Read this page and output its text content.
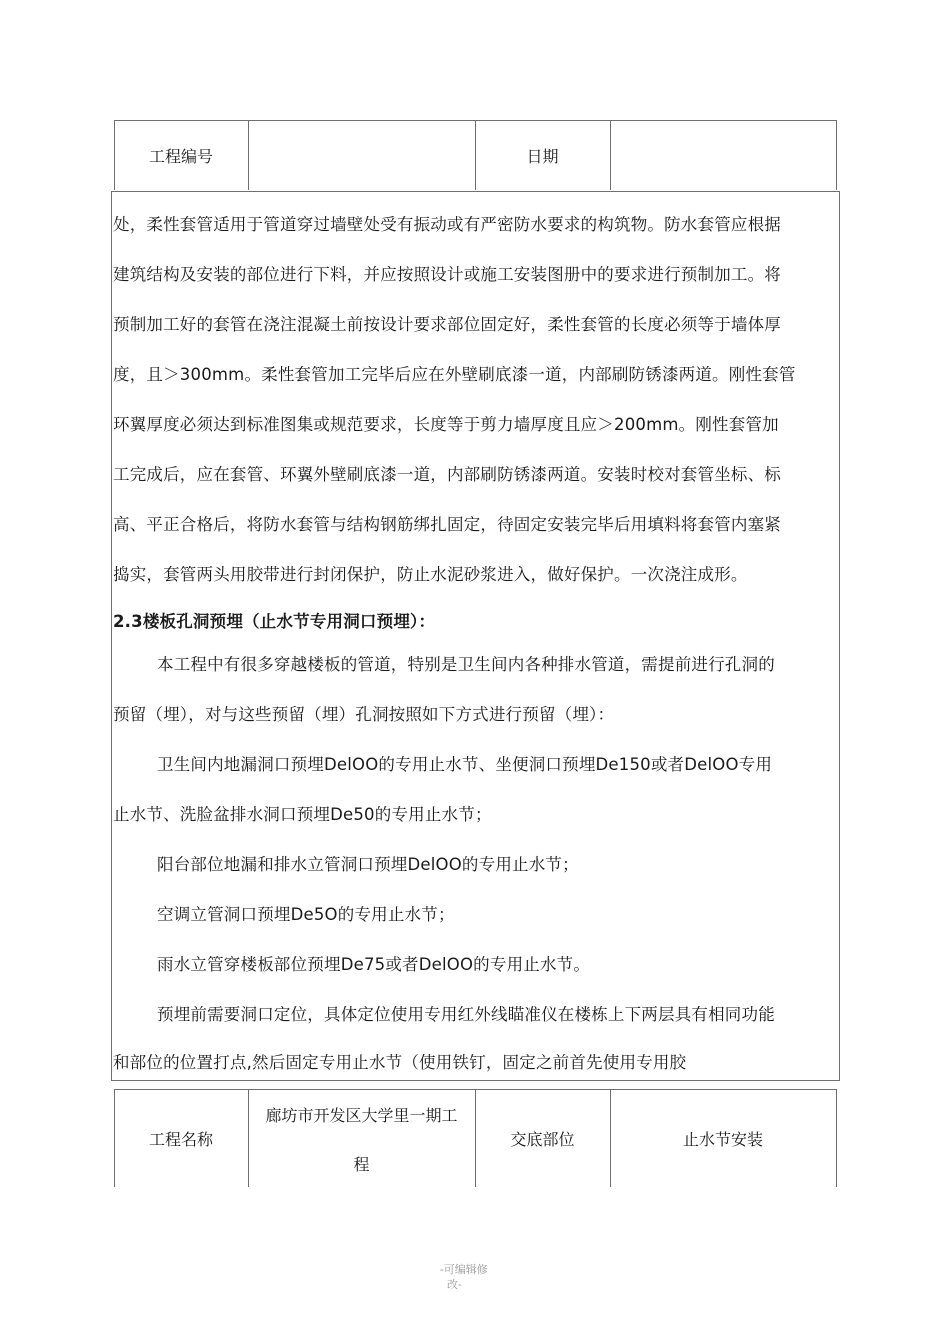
工程编号	日期
处，柔性套管适用于管道穿过墙壁处受有振动或有严密防水要求的构筑物。防水套管应根据
建筑结构及安装的部位进行下料，并应按照设计或施工安装图册中的要求进行预制加工。将
预制加工好的套管在浇注混凝土前按设计要求部位固定好，柔性套管的长度必须等于墙体厚
度，且＞300mm。柔性套管加工完毕后应在外壁刷底漆一道，内部刷防锈漆两道。刚性套管
环翼厚度必须达到标准图集或规范要求，长度等于剪力墙厚度且应＞200mm。刚性套管加
工完成后，应在套管、环翼外壁刷底漆一道，内部刷防锈漆两道。安装时校对套管坐标、标
高、平正合格后，将防水套管与结构钢筋绑扎固定，待固定安装完毕后用填料将套管内塞紧
捣实，套管两头用胶带进行封闭保护，防止水泥砂浆进入，做好保护。一次浇注成形。
2.3楼板孔洞预埋（止水节专用洞口预埋）：
本工程中有很多穿越楼板的管道，特别是卫生间内各种排水管道，需提前进行孔洞的
预留（埋），对与这些预留（埋）孔洞按照如下方式进行预留（埋）：
卫生间内地漏洞口预埋DelOO的专用止水节、坐便洞口预埋De150或者DelOO专用
止水节、洗脸盆排水洞口预埋De50的专用止水节；
阳台部位地漏和排水立管洞口预埋DelOO的专用止水节；
空调立管洞口预埋De5O的专用止水节；
雨水立管穿楼板部位预埋De75或者DelOO的专用止水节。
预埋前需要洞口定位，具体定位使用专用红外线瞄准仪在楼栋上下两层具有相同功能
和部位的位置打点,然后固定专用止水节（使用铁钉，固定之前首先使用专用胶
工程名称
廊坊市开发区大学里一期工
程
交底部位	止水节安装
-可编辑修
改-
